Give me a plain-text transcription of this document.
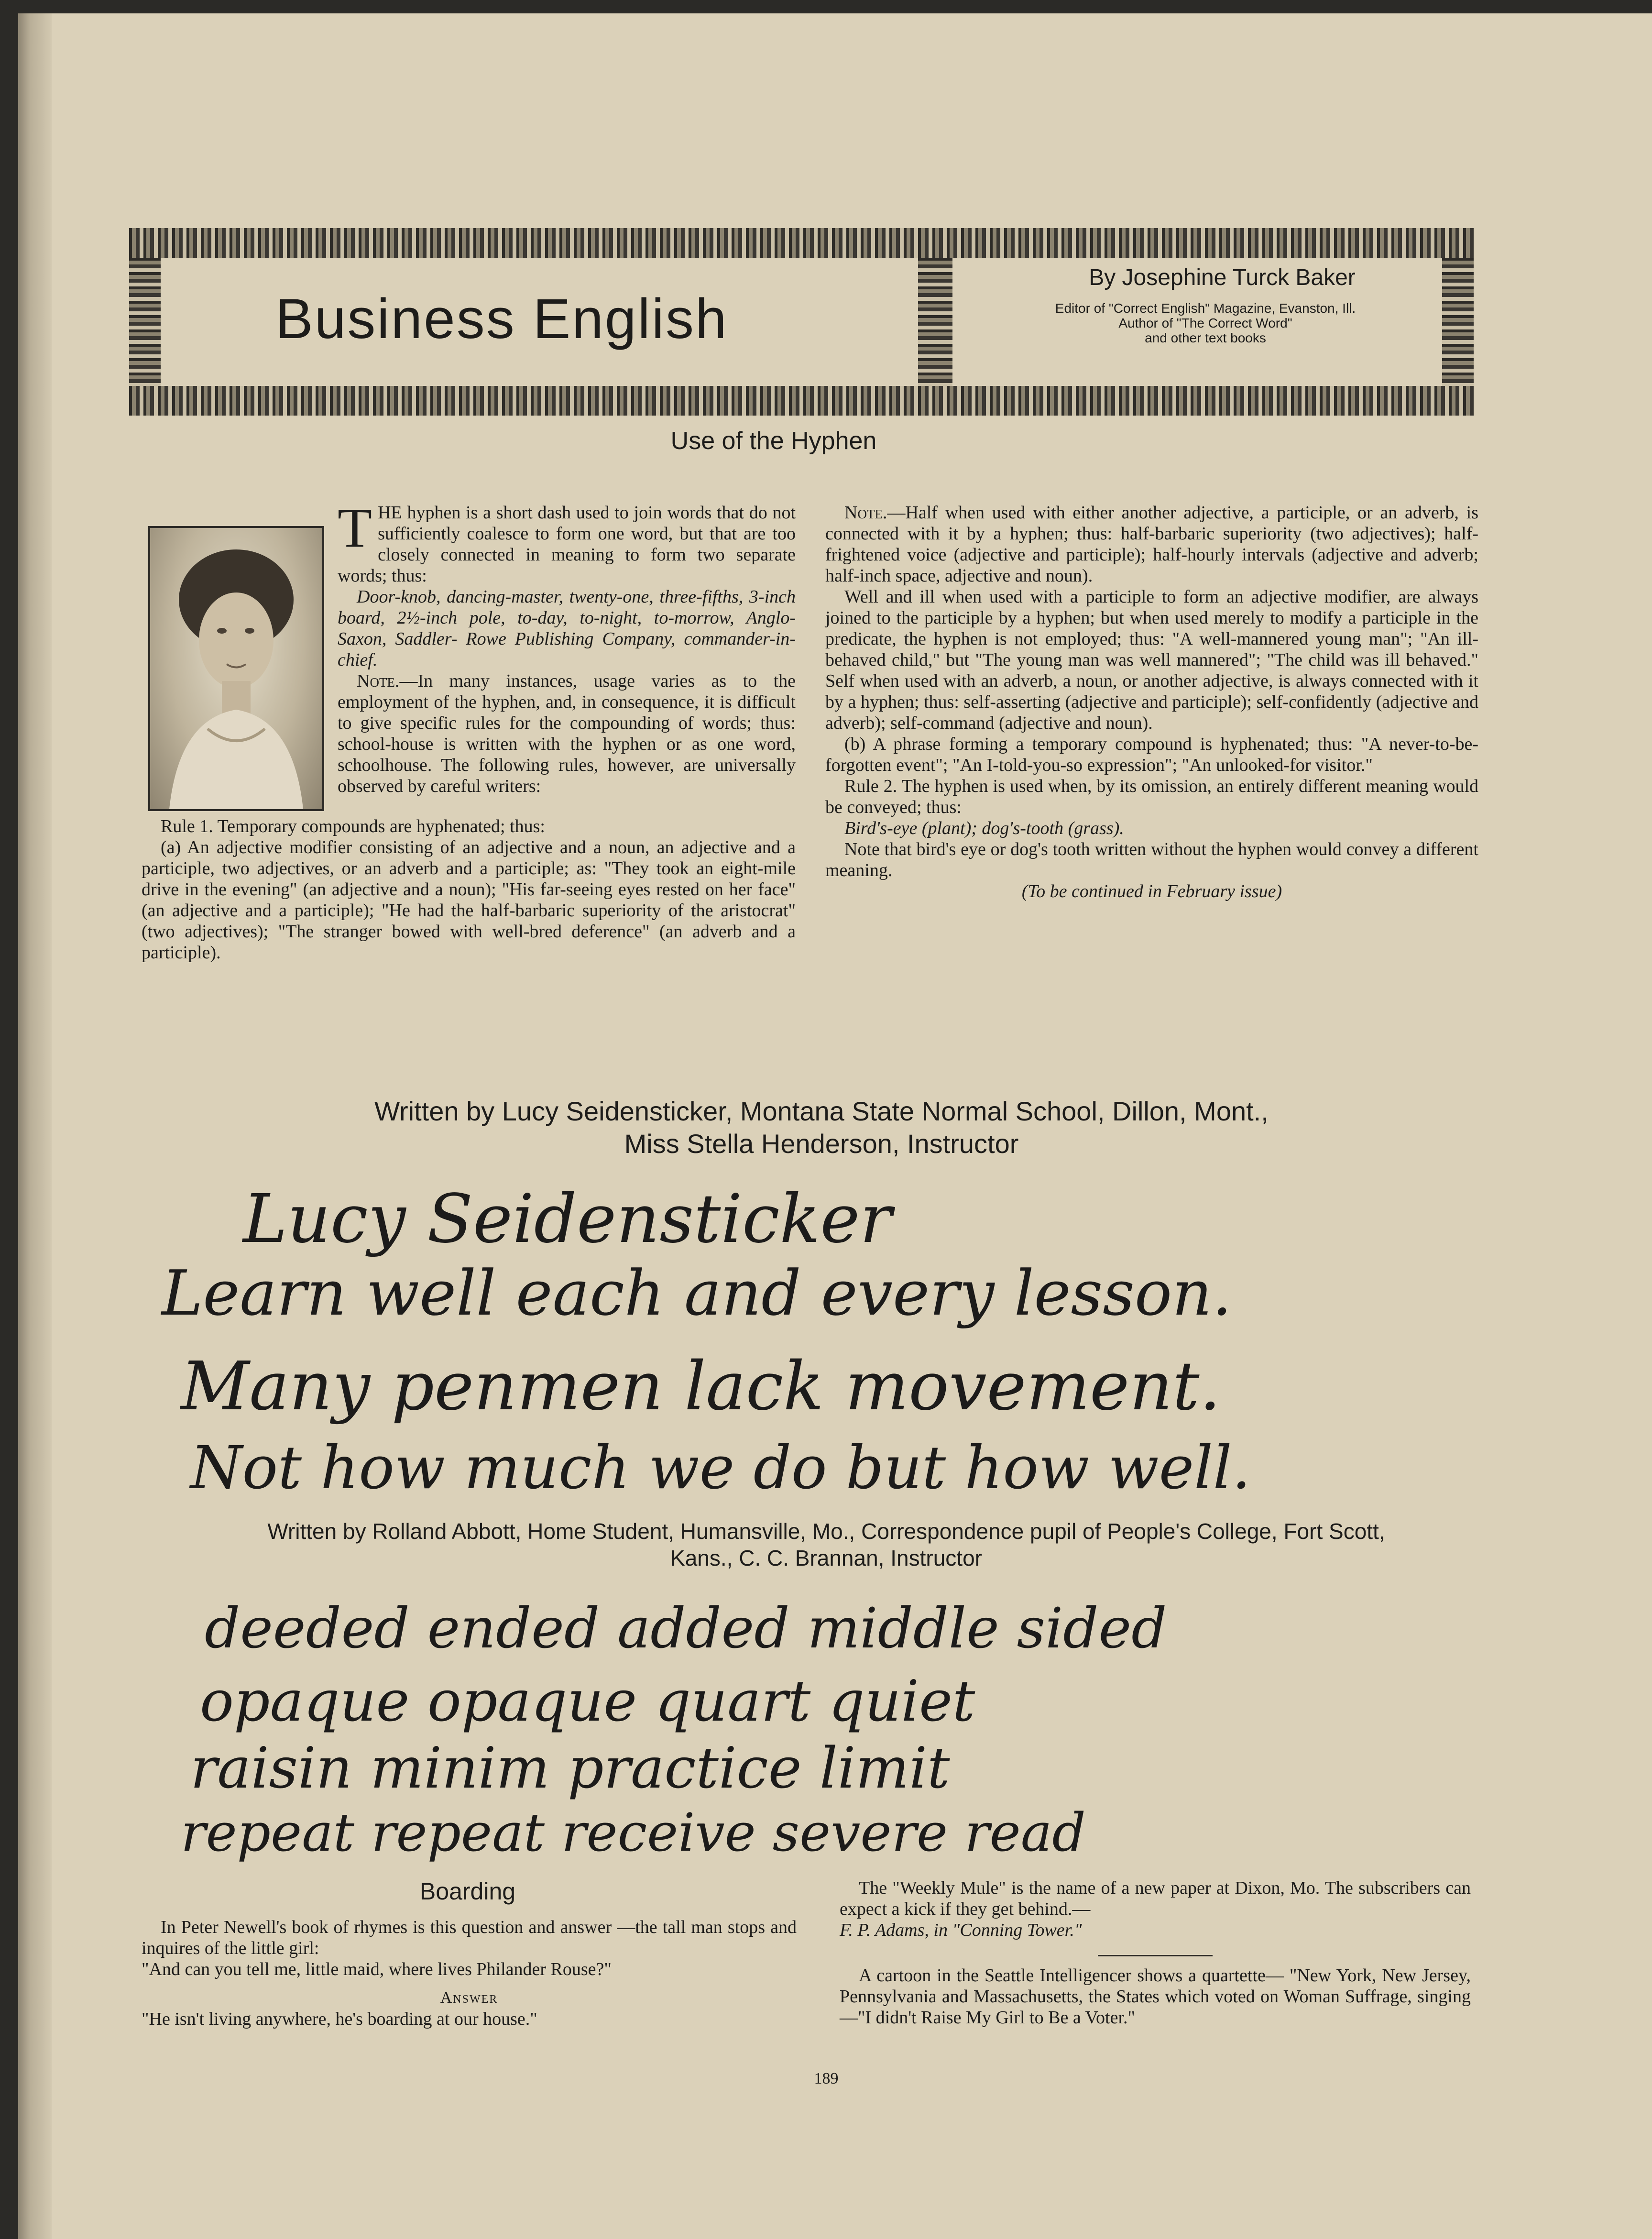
Business English
By Josephine Turck Baker
Editor of "Correct English" Magazine, Evanston, Ill.
Author of "The Correct Word"
and other text books
Use of the Hyphen

THE hyphen is a short dash used to join words that do not sufficiently coalesce to form one word, but that are too closely connected in meaning to form two separate words; thus:

Door-knob, dancing-master, twenty-one, three-fifths, 3-inch board, 2½-inch pole, to-day, to-night, to-morrow, Anglo-Saxon, Saddler- Rowe Publishing Company, commander-in-chief.

Note.—In many instances, usage varies as to the employment of the hyphen, and, in consequence, it is difficult to give specific rules for the compounding of words; thus: school-house is written with the hyphen or as one word, schoolhouse. The following rules, however, are universally observed by careful writers:

Rule 1. Temporary compounds are hyphenated; thus:

(a) An adjective modifier consisting of an adjective and a noun, an adjective and a participle, two adjectives, or an adverb and a participle; as: "They took an eight-mile drive in the evening" (an adjective and a noun); "His far-seeing eyes rested on her face" (an adjective and a participle); "He had the half-barbaric superiority of the aristocrat" (two adjectives); "The stranger bowed with well-bred deference" (an adverb and a participle).

Note.—Half when used with either another adjective, a participle, or an adverb, is connected with it by a hyphen; thus: half-barbaric superiority (two adjectives); half-frightened voice (adjective and participle); half-hourly intervals (adjective and adverb; half-inch space, adjective and noun).

Well and ill when used with a participle to form an adjective modifier, are always joined to the participle by a hyphen; but when used merely to modify a participle in the predicate, the hyphen is not employed; thus: "A well-mannered young man"; "An ill-behaved child," but "The young man was well mannered"; "The child was ill behaved." Self when used with an adverb, a noun, or another adjective, is always connected with it by a hyphen; thus: self-asserting (adjective and participle); self-confidently (adjective and adverb); self-command (adjective and noun).

(b) A phrase forming a temporary compound is hyphenated; thus: "A never-to-be-forgotten event"; "An I-told-you-so expression"; "An unlooked-for visitor."

Rule 2. The hyphen is used when, by its omission, an entirely different meaning would be conveyed; thus:

Bird's-eye (plant); dog's-tooth (grass).

Note that bird's eye or dog's tooth written without the hyphen would convey a different meaning.

(To be continued in February issue)

Written by Lucy Seidensticker, Montana State Normal School, Dillon, Mont.,
Miss Stella Henderson, Instructor
Lucy Seidensticker
Learn well each and every lesson.
Many penmen lack movement.
Not how much we do but how well.
Written by Rolland Abbott, Home Student, Humansville, Mo., Correspondence pupil of People's College, Fort Scott,
Kans., C. C. Brannan, Instructor
deeded ended added middle sided
opaque opaque quart quiet
raisin minim practice limit
repeat repeat receive severe read
Boarding

In Peter Newell's book of rhymes is this question and answer —the tall man stops and inquires of the little girl:

"And can you tell me, little maid, where lives Philander Rouse?"

Answer

"He isn't living anywhere, he's boarding at our house."

The "Weekly Mule" is the name of a new paper at Dixon, Mo. The subscribers can expect a kick if they get behind.—

F. P. Adams, in "Conning Tower."

A cartoon in the Seattle Intelligencer shows a quartette— "New York, New Jersey, Pennsylvania and Massachusetts, the States which voted on Woman Suffrage, singing—"I didn't Raise My Girl to Be a Voter."

189
